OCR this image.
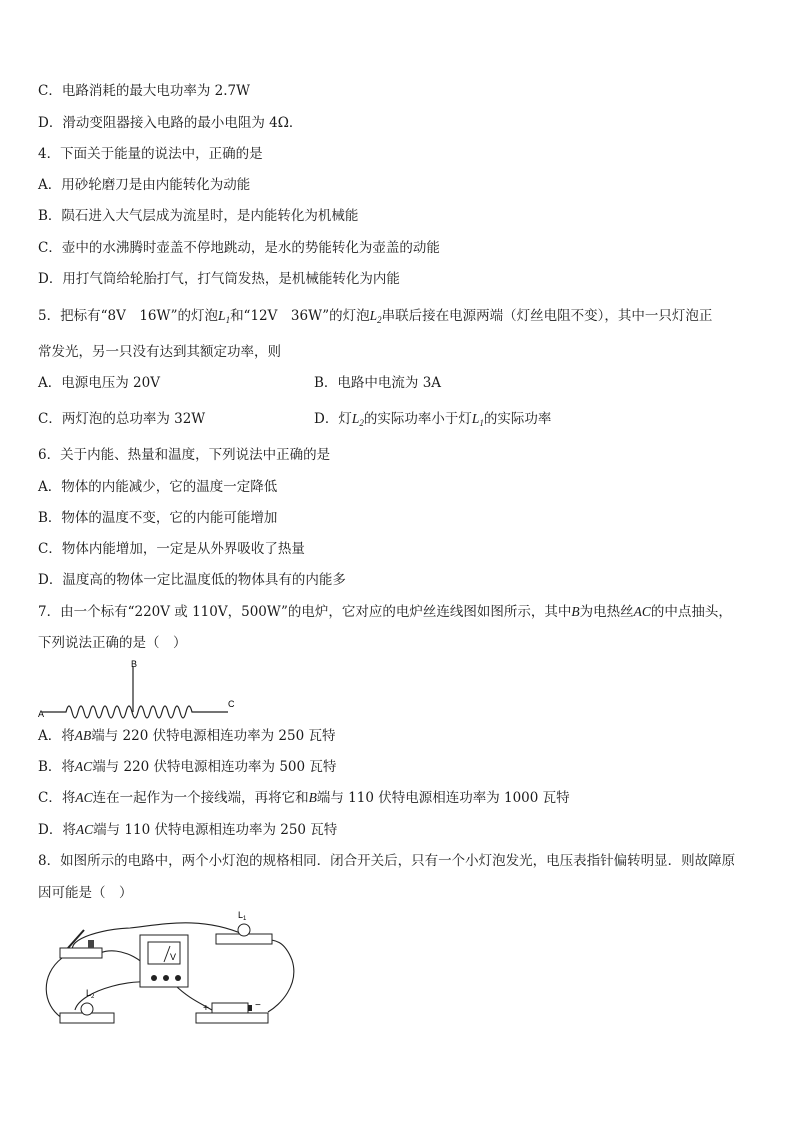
C．电路消耗的最大电功率为 2.7W
D．滑动变阻器接入电路的最小电阻为 4Ω．
4．下面关于能量的说法中，正确的是
A．用砂轮磨刀是由内能转化为动能
B．陨石进入大气层成为流星时，是内能转化为机械能
C．壶中的水沸腾时壶盖不停地跳动，是水的势能转化为壶盖的动能
D．用打气筒给轮胎打气，打气筒发热，是机械能转化为内能
5．把标有“8V　16W”的灯泡$L_1$和“12V　36W”的灯泡$L_2$串联后接在电源两端（灯丝电阻不变），其中一只灯泡正
常发光，另一只没有达到其额定功率，则
A．电源电压为 20V	B．电路中电流为 3A
C．两灯泡的总功率为 32W	D．灯$L_2$的实际功率小于灯$L_1$的实际功率
6．关于内能、热量和温度，下列说法中正确的是
A．物体的内能减少，它的温度一定降低
B．物体的温度不变，它的内能可能增加
C．物体内能增加，一定是从外界吸收了热量
D．温度高的物体一定比温度低的物体具有的内能多
7．由一个标有“220V 或 110V，500W”的电炉，它对应的电炉丝连线图如图所示，其中B为电热丝AC的中点抽头，
下列说法正确的是（　）
B
A
C
A．将AB端与 220 伏特电源相连功率为 250 瓦特
B．将AC端与 220 伏特电源相连功率为 500 瓦特
C．将AC连在一起作为一个接线端，再将它和B端与 110 伏特电源相连功率为 1000 瓦特
D．将AC端与 110 伏特电源相连功率为 250 瓦特
8．如图所示的电路中，两个小灯泡的规格相同．闭合开关后，只有一个小灯泡发光，电压表指针偏转明显．则故障原
因可能是（　）
V
$L_1$
$L_2$
+	−
